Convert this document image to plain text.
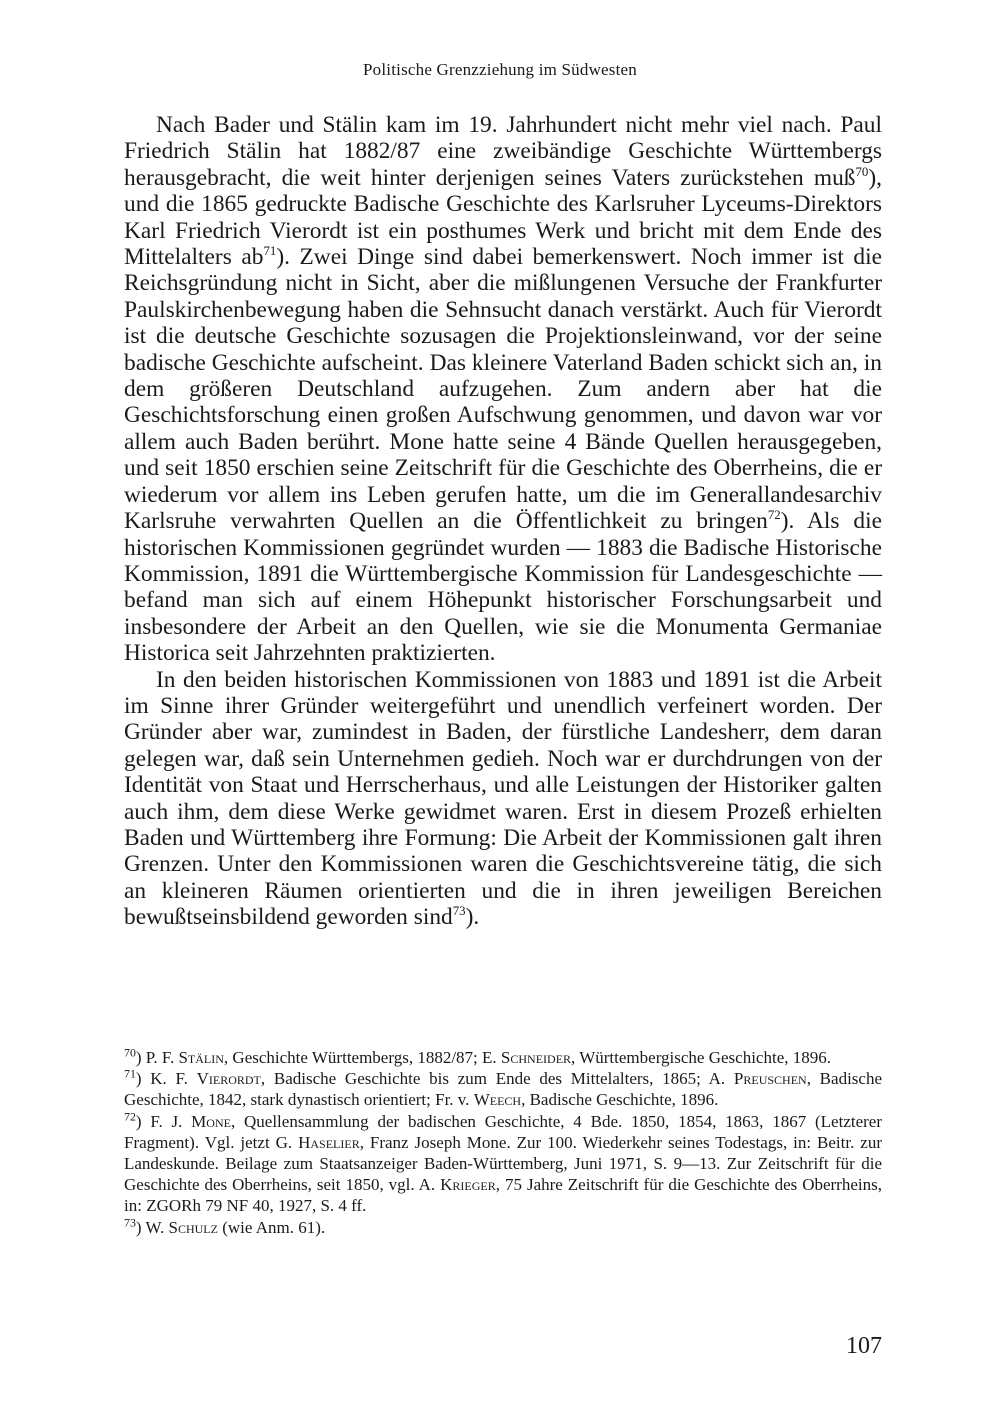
Politische Grenzziehung im Südwesten

Nach Bader und Stälin kam im 19. Jahrhundert nicht mehr viel nach. Paul Friedrich Stälin hat 1882/87 eine zweibändige Geschichte Württembergs herausgebracht, die weit hinter derjenigen seines Vaters zurückstehen muß$^{70}$), und die 1865 gedruckte Badische Geschichte des Karlsruher Lyceums-Direktors Karl Friedrich Vierordt ist ein posthumes Werk und bricht mit dem Ende des Mittelalters $ab^{71}$). Zwei Dinge sind dabei bemerkenswert. Noch immer ist die Reichsgründung nicht in Sicht, aber die mißlungenen Versuche der Frankfurter Paulskirchenbewegung haben die Sehnsucht danach verstärkt. Auch für Vierordt ist die deutsche Geschichte sozusagen die Projektionsleinwand, vor der seine badische Geschichte aufscheint. Das kleinere Vaterland Baden schickt sich an, in dem größeren Deutschland aufzugehen. Zum andern aber hat die Geschichtsforschung einen großen Aufschwung genommen, und davon war vor allem auch Baden berührt. Mone hatte seine 4 Bände Quellen herausgegeben, und seit 1850 erschien seine Zeitschrift für die Geschichte des Oberrheins, die er wiederum vor allem ins Leben gerufen hatte, um die im Generallandesarchiv Karlsruhe verwahrten Quellen an die Öffentlichkeit zu bringen$^{72}$). Als die historischen Kommissionen gegründet wurden — 1883 die Badische Historische Kommission, 1891 die Württembergische Kommission für Landesgeschichte — befand man sich auf einem Höhepunkt historischer Forschungsarbeit und insbesondere der Arbeit an den Quellen, wie sie die Monumenta Germaniae Historica seit Jahrzehnten praktizierten.

In den beiden historischen Kommissionen von 1883 und 1891 ist die Arbeit im Sinne ihrer Gründer weitergeführt und unendlich verfeinert worden. Der Gründer aber war, zumindest in Baden, der fürstliche Landesherr, dem daran gelegen war, daß sein Unternehmen gedieh. Noch war er durchdrungen von der Identität von Staat und Herrscherhaus, und alle Leistungen der Historiker galten auch ihm, dem diese Werke gewidmet waren. Erst in diesem Prozeß erhielten Baden und Württemberg ihre Formung: Die Arbeit der Kommissionen galt ihren Grenzen. Unter den Kommissionen waren die Geschichtsvereine tätig, die sich an kleineren Räumen orientierten und die in ihren jeweiligen Bereichen bewußtseinsbildend geworden sind$^{73}$).

$^{70}$) P. F. Stälin, Geschichte Württembergs, 1882/87; E. Schneider, Württembergische Geschichte, 1896.

$^{71}$) K. F. Vierordt, Badische Geschichte bis zum Ende des Mittelalters, 1865; A. Preuschen, Badische Geschichte, 1842, stark dynastisch orientiert; Fr. v. Weech, Badische Geschichte, 1896.

$^{72}$) F. J. Mone, Quellensammlung der badischen Geschichte, 4 Bde. 1850, 1854, 1863, 1867 (Letzterer Fragment). Vgl. jetzt G. Haselier, Franz Joseph Mone. Zur 100. Wiederkehr seines Todestags, in: Beitr. zur Landeskunde. Beilage zum Staatsanzeiger Baden-Württemberg, Juni 1971, S. 9—13. Zur Zeitschrift für die Geschichte des Oberrheins, seit 1850, vgl. A. Krieger, 75 Jahre Zeitschrift für die Geschichte des Oberrheins, in: ZGORh 79 NF 40, 1927, S. 4 ff.

$^{73}$) W. Schulz (wie Anm. 61).

107
